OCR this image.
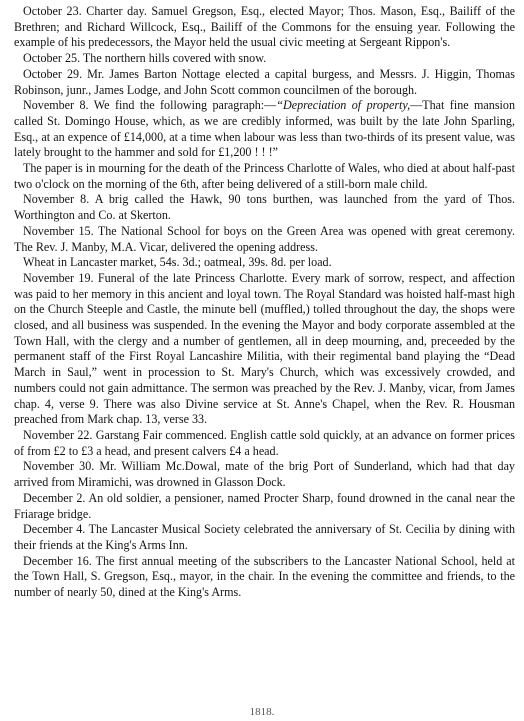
October 23. Charter day. Samuel Gregson, Esq., elected Mayor; Thos. Mason, Esq., Bailiff of the Brethren; and Richard Willcock, Esq., Bailiff of the Commons for the ensuing year. Following the example of his predecessors, the Mayor held the usual civic meeting at Sergeant Rippon's.

October 25. The northern hills covered with snow.

October 29. Mr. James Barton Nottage elected a capital burgess, and Messrs. J. Higgin, Thomas Robinson, junr., James Lodge, and John Scott common councilmen of the borough.

November 8. We find the following paragraph:—“Depreciation of property,—That fine mansion called St. Domingo House, which, as we are credibly informed, was built by the late John Sparling, Esq., at an expence of £14,000, at a time when labour was less than two-thirds of its present value, was lately brought to the hammer and sold for £1,200 ! ! !”

The paper is in mourning for the death of the Princess Charlotte of Wales, who died at about half-past two o'clock on the morning of the 6th, after being delivered of a still-born male child.

November 8. A brig called the Hawk, 90 tons burthen, was launched from the yard of Thos. Worthington and Co. at Skerton.

November 15. The National School for boys on the Green Area was opened with great ceremony. The Rev. J. Manby, M.A. Vicar, delivered the opening address.

Wheat in Lancaster market, 54s. 3d.; oatmeal, 39s. 8d. per load.

November 19. Funeral of the late Princess Charlotte. Every mark of sorrow, respect, and affection was paid to her memory in this ancient and loyal town. The Royal Standard was hoisted half-mast high on the Church Steeple and Castle, the minute bell (muffled,) tolled throughout the day, the shops were closed, and all business was suspended. In the evening the Mayor and body corporate assembled at the Town Hall, with the clergy and a number of gentlemen, all in deep mourning, and, preceeded by the permanent staff of the First Royal Lancashire Militia, with their regimental band playing the “Dead March in Saul,” went in procession to St. Mary's Church, which was excessively crowded, and numbers could not gain admittance. The sermon was preached by the Rev. J. Manby, vicar, from James chap. 4, verse 9. There was also Divine service at St. Anne's Chapel, when the Rev. R. Housman preached from Mark chap. 13, verse 33.

November 22. Garstang Fair commenced. English cattle sold quickly, at an advance on former prices of from £2 to £3 a head, and present calvers £4 a head.

November 30. Mr. William Mc.Dowal, mate of the brig Port of Sunderland, which had that day arrived from Miramichi, was drowned in Glasson Dock.

December 2. An old soldier, a pensioner, named Procter Sharp, found drowned in the canal near the Friarage bridge.

December 4. The Lancaster Musical Society celebrated the anniversary of St. Cecilia by dining with their friends at the King's Arms Inn.

December 16. The first annual meeting of the subscribers to the Lancaster National School, held at the Town Hall, S. Gregson, Esq., mayor, in the chair. In the evening the committee and friends, to the number of nearly 50, dined at the King's Arms.

1818.
